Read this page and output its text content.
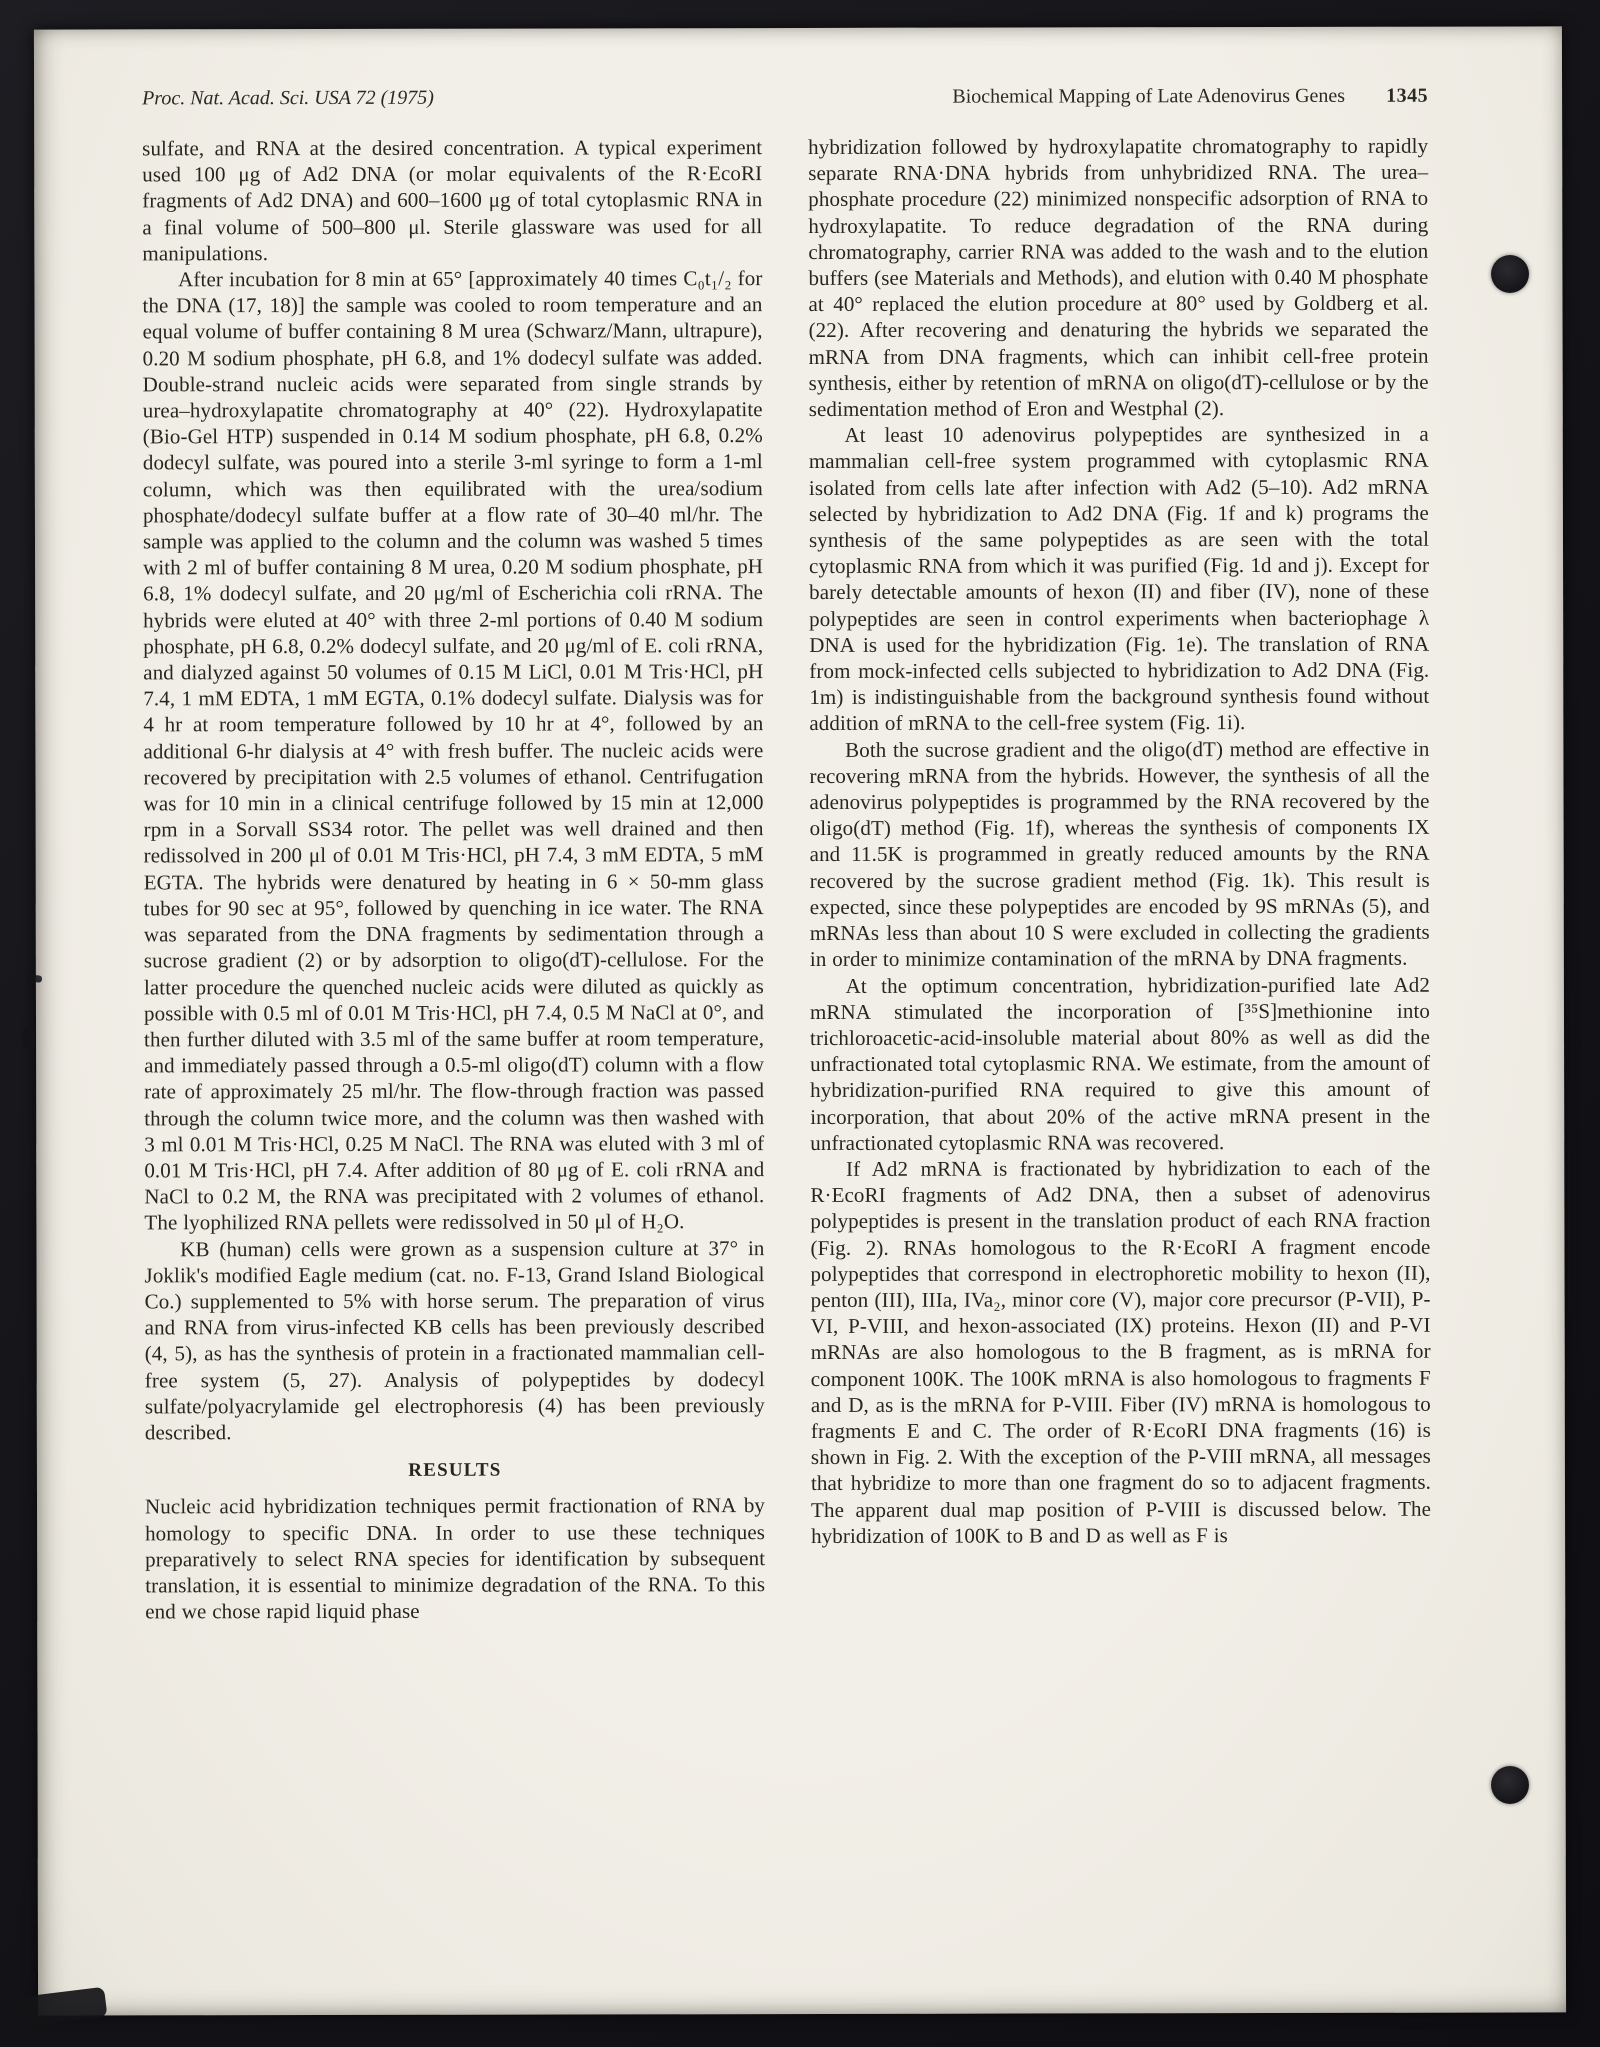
Proc. Nat. Acad. Sci. USA 72 (1975)	Biochemical Mapping of Late Adenovirus Genes 1345

sulfate, and RNA at the desired concentration. A typical experiment used 100 μg of Ad2 DNA (or molar equivalents of the R·EcoRI fragments of Ad2 DNA) and 600–1600 μg of total cytoplasmic RNA in a final volume of 500–800 μl. Sterile glassware was used for all manipulations.

After incubation for 8 min at 65° [approximately 40 times C₀t₁/₂ for the DNA (17, 18)] the sample was cooled to room temperature and an equal volume of buffer containing 8 M urea (Schwarz/Mann, ultrapure), 0.20 M sodium phosphate, pH 6.8, and 1% dodecyl sulfate was added. Double-strand nucleic acids were separated from single strands by urea–hydroxylapatite chromatography at 40° (22). Hydroxylapatite (Bio-Gel HTP) suspended in 0.14 M sodium phosphate, pH 6.8, 0.2% dodecyl sulfate, was poured into a sterile 3-ml syringe to form a 1-ml column, which was then equilibrated with the urea/sodium phosphate/dodecyl sulfate buffer at a flow rate of 30–40 ml/hr. The sample was applied to the column and the column was washed 5 times with 2 ml of buffer containing 8 M urea, 0.20 M sodium phosphate, pH 6.8, 1% dodecyl sulfate, and 20 μg/ml of Escherichia coli rRNA. The hybrids were eluted at 40° with three 2-ml portions of 0.40 M sodium phosphate, pH 6.8, 0.2% dodecyl sulfate, and 20 μg/ml of E. coli rRNA, and dialyzed against 50 volumes of 0.15 M LiCl, 0.01 M Tris·HCl, pH 7.4, 1 mM EDTA, 1 mM EGTA, 0.1% dodecyl sulfate. Dialysis was for 4 hr at room temperature followed by 10 hr at 4°, followed by an additional 6-hr dialysis at 4° with fresh buffer. The nucleic acids were recovered by precipitation with 2.5 volumes of ethanol. Centrifugation was for 10 min in a clinical centrifuge followed by 15 min at 12,000 rpm in a Sorvall SS34 rotor. The pellet was well drained and then redissolved in 200 μl of 0.01 M Tris·HCl, pH 7.4, 3 mM EDTA, 5 mM EGTA. The hybrids were denatured by heating in 6 × 50-mm glass tubes for 90 sec at 95°, followed by quenching in ice water. The RNA was separated from the DNA fragments by sedimentation through a sucrose gradient (2) or by adsorption to oligo(dT)-cellulose. For the latter procedure the quenched nucleic acids were diluted as quickly as possible with 0.5 ml of 0.01 M Tris·HCl, pH 7.4, 0.5 M NaCl at 0°, and then further diluted with 3.5 ml of the same buffer at room temperature, and immediately passed through a 0.5-ml oligo(dT) column with a flow rate of approximately 25 ml/hr. The flow-through fraction was passed through the column twice more, and the column was then washed with 3 ml 0.01 M Tris·HCl, 0.25 M NaCl. The RNA was eluted with 3 ml of 0.01 M Tris·HCl, pH 7.4. After addition of 80 μg of E. coli rRNA and NaCl to 0.2 M, the RNA was precipitated with 2 volumes of ethanol. The lyophilized RNA pellets were redissolved in 50 μl of H₂O.

KB (human) cells were grown as a suspension culture at 37° in Joklik's modified Eagle medium (cat. no. F-13, Grand Island Biological Co.) supplemented to 5% with horse serum. The preparation of virus and RNA from virus-infected KB cells has been previously described (4, 5), as has the synthesis of protein in a fractionated mammalian cell-free system (5, 27). Analysis of polypeptides by dodecyl sulfate/polyacrylamide gel electrophoresis (4) has been previously described.

RESULTS

Nucleic acid hybridization techniques permit fractionation of RNA by homology to specific DNA. In order to use these techniques preparatively to select RNA species for identification by subsequent translation, it is essential to minimize degradation of the RNA. To this end we chose rapid liquid phase

hybridization followed by hydroxylapatite chromatography to rapidly separate RNA·DNA hybrids from unhybridized RNA. The urea–phosphate procedure (22) minimized nonspecific adsorption of RNA to hydroxylapatite. To reduce degradation of the RNA during chromatography, carrier RNA was added to the wash and to the elution buffers (see Materials and Methods), and elution with 0.40 M phosphate at 40° replaced the elution procedure at 80° used by Goldberg et al. (22). After recovering and denaturing the hybrids we separated the mRNA from DNA fragments, which can inhibit cell-free protein synthesis, either by retention of mRNA on oligo(dT)-cellulose or by the sedimentation method of Eron and Westphal (2).

At least 10 adenovirus polypeptides are synthesized in a mammalian cell-free system programmed with cytoplasmic RNA isolated from cells late after infection with Ad2 (5–10). Ad2 mRNA selected by hybridization to Ad2 DNA (Fig. 1f and k) programs the synthesis of the same polypeptides as are seen with the total cytoplasmic RNA from which it was purified (Fig. 1d and j). Except for barely detectable amounts of hexon (II) and fiber (IV), none of these polypeptides are seen in control experiments when bacteriophage λ DNA is used for the hybridization (Fig. 1e). The translation of RNA from mock-infected cells subjected to hybridization to Ad2 DNA (Fig. 1m) is indistinguishable from the background synthesis found without addition of mRNA to the cell-free system (Fig. 1i).

Both the sucrose gradient and the oligo(dT) method are effective in recovering mRNA from the hybrids. However, the synthesis of all the adenovirus polypeptides is programmed by the RNA recovered by the oligo(dT) method (Fig. 1f), whereas the synthesis of components IX and 11.5K is programmed in greatly reduced amounts by the RNA recovered by the sucrose gradient method (Fig. 1k). This result is expected, since these polypeptides are encoded by 9S mRNAs (5), and mRNAs less than about 10 S were excluded in collecting the gradients in order to minimize contamination of the mRNA by DNA fragments.

At the optimum concentration, hybridization-purified late Ad2 mRNA stimulated the incorporation of [³⁵S]methionine into trichloroacetic-acid-insoluble material about 80% as well as did the unfractionated total cytoplasmic RNA. We estimate, from the amount of hybridization-purified RNA required to give this amount of incorporation, that about 20% of the active mRNA present in the unfractionated cytoplasmic RNA was recovered.

If Ad2 mRNA is fractionated by hybridization to each of the R·EcoRI fragments of Ad2 DNA, then a subset of adenovirus polypeptides is present in the translation product of each RNA fraction (Fig. 2). RNAs homologous to the R·EcoRI A fragment encode polypeptides that correspond in electrophoretic mobility to hexon (II), penton (III), IIIa, IVa₂, minor core (V), major core precursor (P-VII), P-VI, P-VIII, and hexon-associated (IX) proteins. Hexon (II) and P-VI mRNAs are also homologous to the B fragment, as is mRNA for component 100K. The 100K mRNA is also homologous to fragments F and D, as is the mRNA for P-VIII. Fiber (IV) mRNA is homologous to fragments E and C. The order of R·EcoRI DNA fragments (16) is shown in Fig. 2. With the exception of the P-VIII mRNA, all messages that hybridize to more than one fragment do so to adjacent fragments. The apparent dual map position of P-VIII is discussed below. The hybridization of 100K to B and D as well as F is
